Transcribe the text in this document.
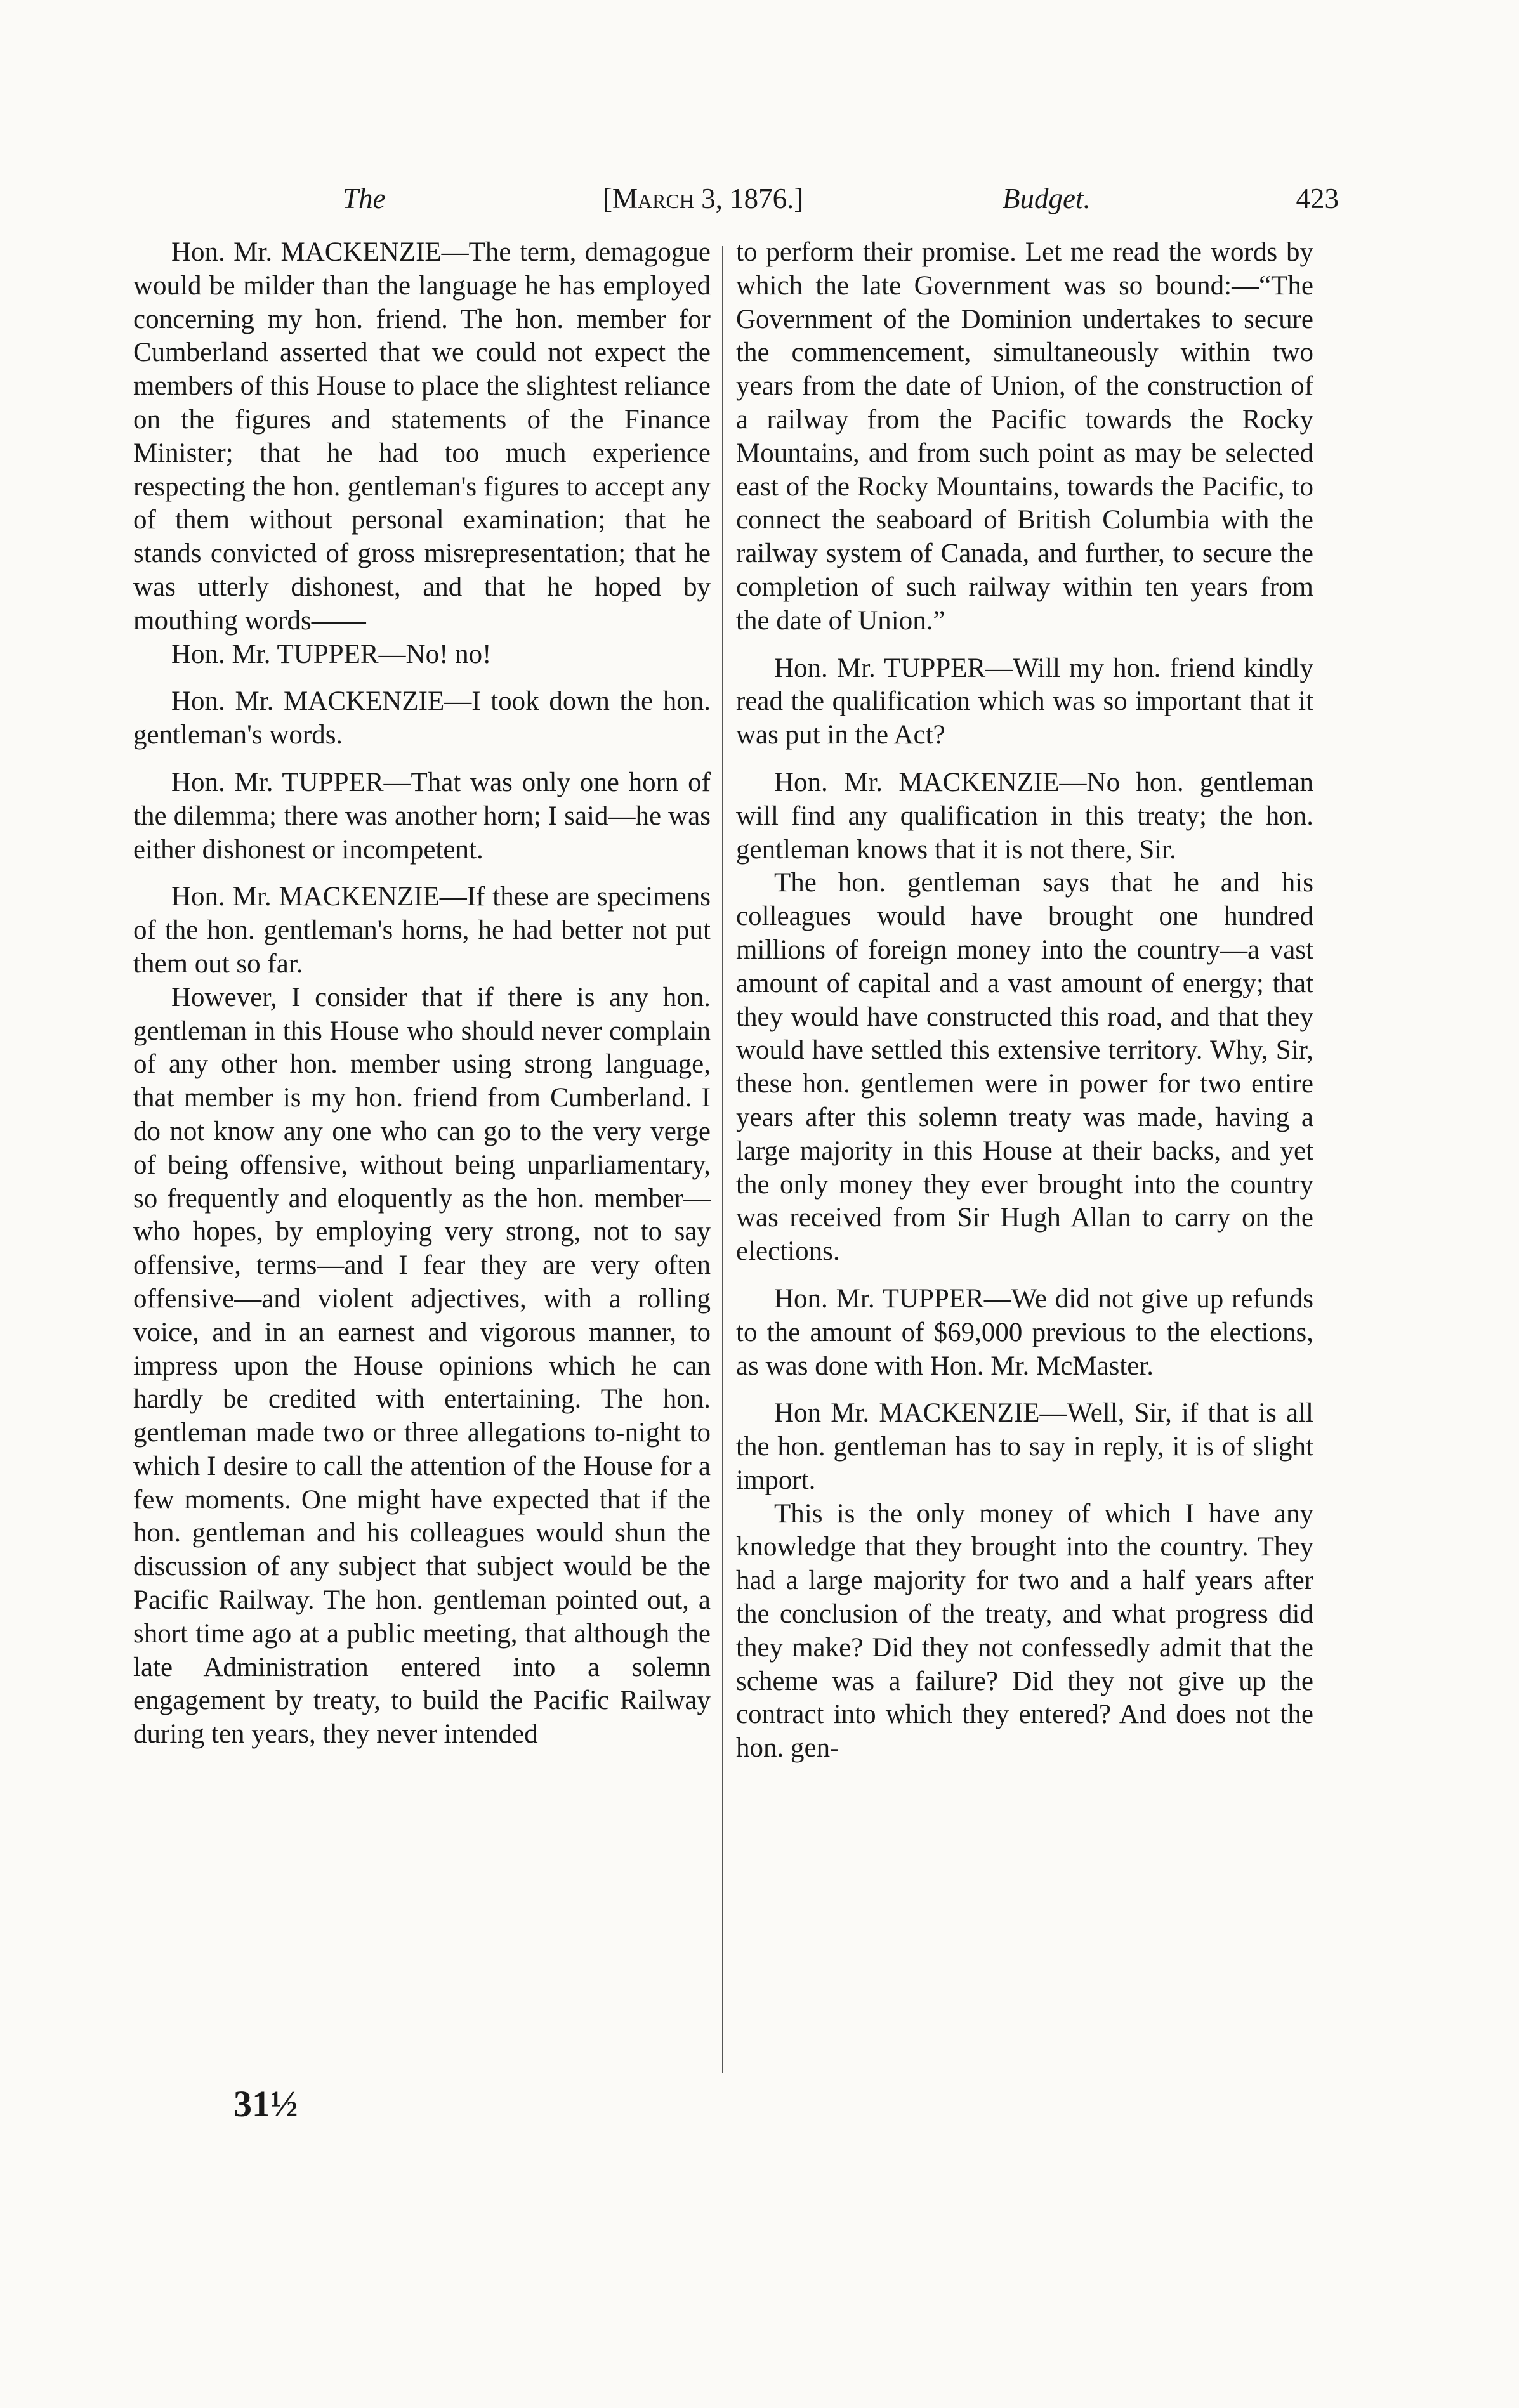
The	[March 3, 1876.]	Budget.	423

Hon. Mr. MACKENZIE—The term, demagogue would be milder than the language he has employed concerning my hon. friend. The hon. member for Cumberland asserted that we could not expect the members of this House to place the slightest reliance on the figures and statements of the Finance Minister; that he had too much experience respecting the hon. gentleman's figures to accept any of them without personal examination; that he stands convicted of gross misrepresentation; that he was utterly dishonest, and that he hoped by mouthing words——

Hon. Mr. TUPPER—No! no!

Hon. Mr. MACKENZIE—I took down the hon. gentleman's words.

Hon. Mr. TUPPER—That was only one horn of the dilemma; there was another horn; I said—he was either dishonest or incompetent.

Hon. Mr. MACKENZIE—If these are specimens of the hon. gentleman's horns, he had better not put them out so far.

However, I consider that if there is any hon. gentleman in this House who should never complain of any other hon. member using strong language, that member is my hon. friend from Cumberland. I do not know any one who can go to the very verge of being offensive, without being unparliamentary, so frequently and eloquently as the hon. member—who hopes, by employing very strong, not to say offensive, terms—and I fear they are very often offensive—and violent adjectives, with a rolling voice, and in an earnest and vigorous manner, to impress upon the House opinions which he can hardly be credited with entertaining. The hon. gentleman made two or three allegations to-night to which I desire to call the attention of the House for a few moments. One might have expected that if the hon. gentleman and his colleagues would shun the discussion of any subject that subject would be the Pacific Railway. The hon. gentleman pointed out, a short time ago at a public meeting, that although the late Administration entered into a solemn engagement by treaty, to build the Pacific Railway during ten years, they never intended

to perform their promise. Let me read the words by which the late Government was so bound:—“The Government of the Dominion undertakes to secure the commencement, simultaneously within two years from the date of Union, of the construction of a railway from the Pacific towards the Rocky Mountains, and from such point as may be selected east of the Rocky Mountains, towards the Pacific, to connect the seaboard of British Columbia with the railway system of Canada, and further, to secure the completion of such railway within ten years from the date of Union.”

Hon. Mr. TUPPER—Will my hon. friend kindly read the qualification which was so important that it was put in the Act?

Hon. Mr. MACKENZIE—No hon. gentleman will find any qualification in this treaty; the hon. gentleman knows that it is not there, Sir.

The hon. gentleman says that he and his colleagues would have brought one hundred millions of foreign money into the country—a vast amount of capital and a vast amount of energy; that they would have constructed this road, and that they would have settled this extensive territory. Why, Sir, these hon. gentlemen were in power for two entire years after this solemn treaty was made, having a large majority in this House at their backs, and yet the only money they ever brought into the country was received from Sir Hugh Allan to carry on the elections.

Hon. Mr. TUPPER—We did not give up refunds to the amount of $69,000 previous to the elections, as was done with Hon. Mr. McMaster.

Hon Mr. MACKENZIE—Well, Sir, if that is all the hon. gentleman has to say in reply, it is of slight import.

This is the only money of which I have any knowledge that they brought into the country. They had a large majority for two and a half years after the conclusion of the treaty, and what progress did they make? Did they not confessedly admit that the scheme was a failure? Did they not give up the contract into which they entered? And does not the hon. gen-

31½
